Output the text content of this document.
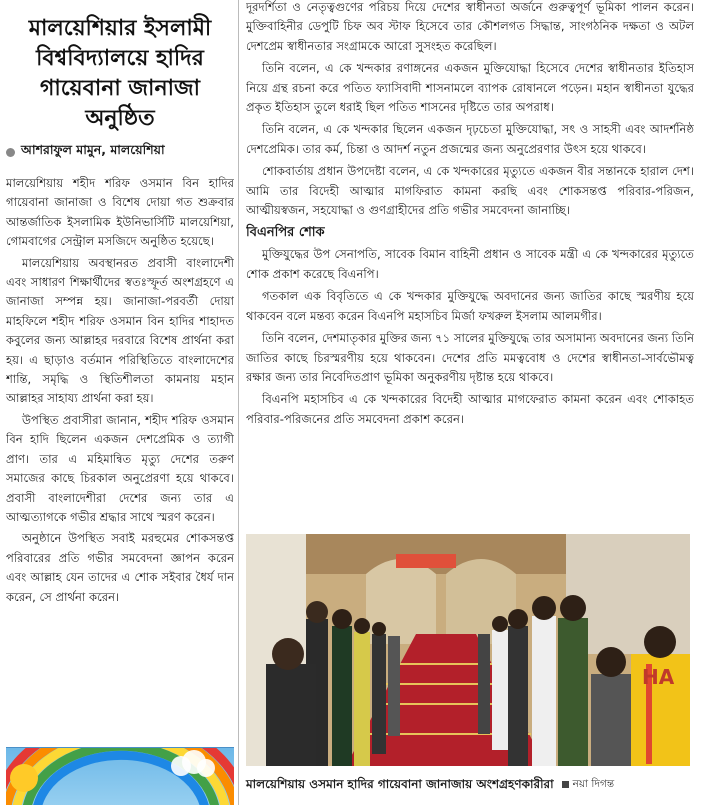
মালয়েশিয়ার ইসলামী বিশ্ববিদ্যালয়ে হাদির গায়েবানা জানাজা অনুষ্ঠিত
আশরাফুল মামুন, মালয়েশিয়া

মালয়েশিয়ায় শহীদ শরিফ ওসমান বিন হাদির গায়েবানা জানাজা ও বিশেষ দোয়া গত শুক্রবার আন্তর্জাতিক ইসলামিক ইউনিভার্সিটি মালয়েশিয়া, গোমবাগের সেন্ট্রাল মসজিদে অনুষ্ঠিত হয়েছে।

মালয়েশিয়ায় অবস্থানরত প্রবাসী বাংলাদেশী এবং সাধারণ শিক্ষার্থীদের স্বতঃস্ফূর্ত অংশগ্রহণে এ জানাজা সম্পন্ন হয়। জানাজা-পরবর্তী দোয়া মাহফিলে শহীদ শরিফ ওসমান বিন হাদির শাহাদত কবুলের জন্য আল্লাহর দরবারে বিশেষ প্রার্থনা করা হয়। এ ছাড়াও বর্তমান পরিস্থিতিতে বাংলাদেশের শান্তি, সমৃদ্ধি ও স্থিতিশীলতা কামনায় মহান আল্লাহর সাহায্য প্রার্থনা করা হয়।

উপস্থিত প্রবাসীরা জানান, শহীদ শরিফ ওসমান বিন হাদি ছিলেন একজন দেশপ্রেমিক ও ত্যাগী প্রাণ। তার এ মহিমান্বিত মৃত্যু দেশের তরুণ সমাজের কাছে চিরকাল অনুপ্রেরণা হয়ে থাকবে। প্রবাসী বাংলাদেশীরা দেশের জন্য তার এ আত্মত্যাগকে গভীর শ্রদ্ধার সাথে স্মরণ করেন।

অনুষ্ঠানে উপস্থিত সবাই মরহুমের শোকসন্তপ্ত পরিবারের প্রতি গভীর সমবেদনা জ্ঞাপন করেন এবং আল্লাহ যেন তাদের এ শোক সইবার ধৈর্য দান করেন, সে প্রার্থনা করেন।

দূরদর্শিতা ও নেতৃত্বগুণের পরিচয় দিয়ে দেশের স্বাধীনতা অর্জনে গুরুত্বপূর্ণ ভূমিকা পালন করেন। মুক্তিবাহিনীর ডেপুটি চিফ অব স্টাফ হিসেবে তার কৌশলগত সিদ্ধান্ত, সাংগঠনিক দক্ষতা ও অটল দেশপ্রেম স্বাধীনতার সংগ্রামকে আরো সুসংহত করেছিল।

তিনি বলেন, এ কে খন্দকার রণাঙ্গনের একজন মুক্তিযোদ্ধা হিসেবে দেশের স্বাধীনতার ইতিহাস নিয়ে গ্রন্থ রচনা করে পতিত ফ্যাসিবাদী শাসনামলে ব্যাপক রোষানলে পড়েন। মহান স্বাধীনতা যুদ্ধের প্রকৃত ইতিহাস তুলে ধরাই ছিল পতিত শাসনের দৃষ্টিতে তার অপরাধ।

তিনি বলেন, এ কে খন্দকার ছিলেন একজন দৃঢ়চেতা মুক্তিযোদ্ধা, সৎ ও সাহসী এবং আদর্শনিষ্ঠ দেশপ্রেমিক। তার কর্ম, চিন্তা ও আদর্শ নতুন প্রজন্মের জন্য অনুপ্রেরণার উৎস হয়ে থাকবে।

শোকবার্তায় প্রধান উপদেষ্টা বলেন, এ কে খন্দকারের মৃত্যুতে একজন বীর সন্তানকে হারাল দেশ। আমি তার বিদেহী আত্মার মাগফিরাত কামনা করছি এবং শোকসন্তপ্ত পরিবার-পরিজন, আত্মীয়স্বজন, সহযোদ্ধা ও গুণগ্রাহীদের প্রতি গভীর সমবেদনা জানাচ্ছি।

বিএনপির শোক

মুক্তিযুদ্ধের উপ সেনাপতি, সাবেক বিমান বাহিনী প্রধান ও সাবেক মন্ত্রী এ কে খন্দকারের মৃত্যুতে শোক প্রকাশ করেছে বিএনপি।

গতকাল এক বিবৃতিতে এ কে খন্দকার মুক্তিযুদ্ধে অবদানের জন্য জাতির কাছে স্মরণীয় হয়ে থাকবেন বলে মন্তব্য করেন বিএনপি মহাসচিব মির্জা ফখরুল ইসলাম আলমগীর।

তিনি বলেন, দেশমাতৃকার মুক্তির জন্য ৭১ সালের মুক্তিযুদ্ধে তার অসামান্য অবদানের জন্য তিনি জাতির কাছে চিরস্মরণীয় হয়ে থাকবেন। দেশের প্রতি মমত্ববোধ ও দেশের স্বাধীনতা-সার্বভৌমত্ব রক্ষার জন্য তার নিবেদিতপ্রাণ ভূমিকা অনুকরণীয় দৃষ্টান্ত হয়ে থাকবে।

বিএনপি মহাসচিব এ কে খন্দকারের বিদেহী আত্মার মাগফেরাত কামনা করেন এবং শোকাহত পরিবার-পরিজনের প্রতি সমবেদনা প্রকাশ করেন।

HA
মালয়েশিয়ায় ওসমান হাদির গায়েবানা জানাজায় অংশগ্রহণকারীরা নয়া দিগন্ত
